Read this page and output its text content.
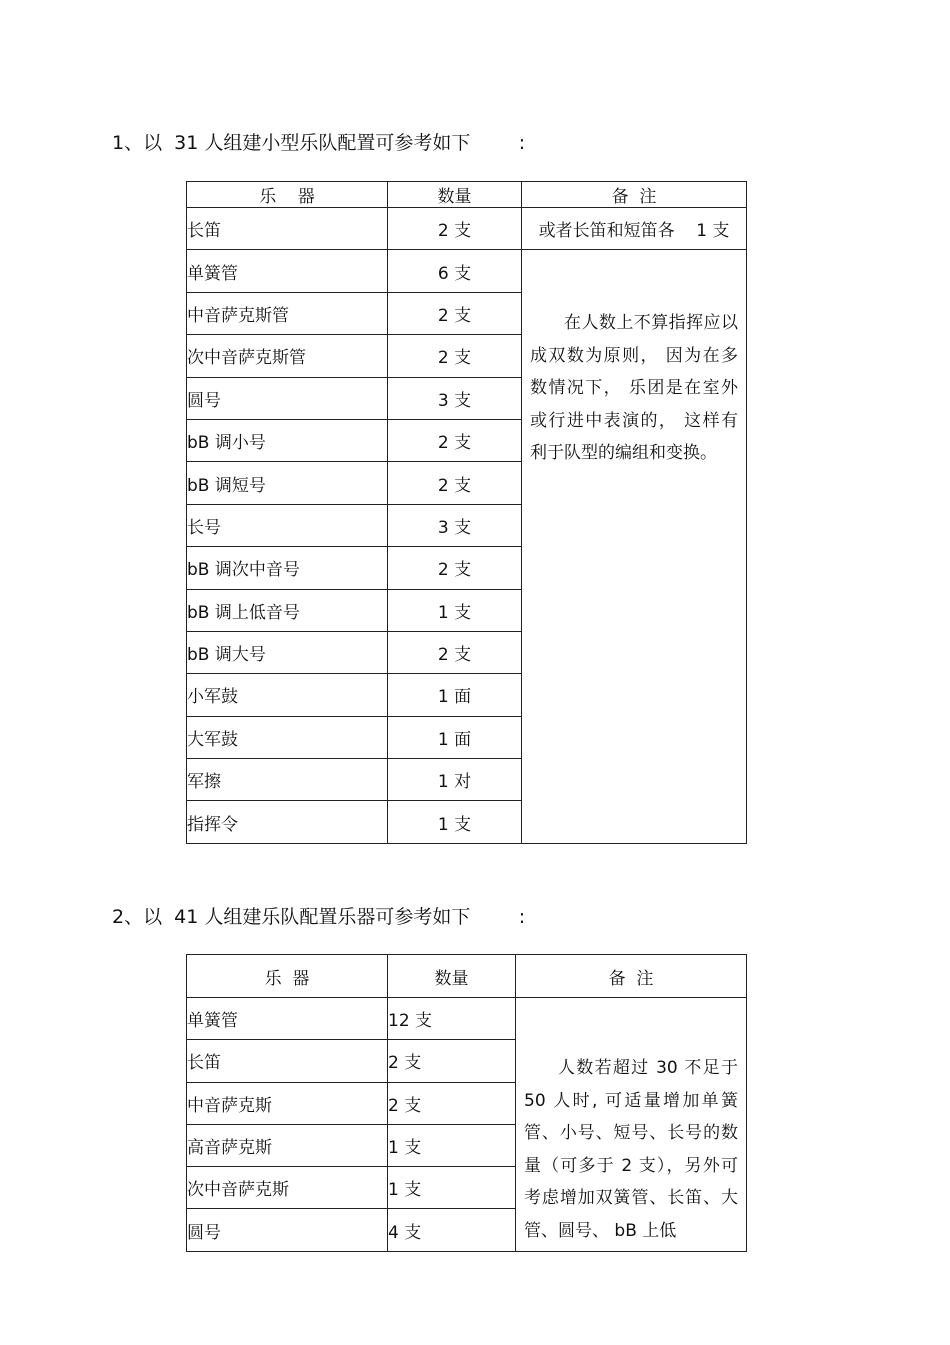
1、以  31 人组建小型乐队配置可参考如下        :
乐    器	数量	备  注
长笛	2 支	或者长笛和短笛各    1 支
单簧管	6 支	在人数上不算指挥应以成双数为原则， 因为在多数情况下， 乐团是在室外或行进中表演的， 这样有利于队型的编组和变换。
中音萨克斯管	2 支	
次中音萨克斯管	2 支	
圆号	3 支	
bB 调小号	2 支	
bB 调短号	2 支	
长号	3 支	
bB 调次中音号	2 支	
bB 调上低音号	1 支	
bB 调大号	2 支	
小军鼓	1 面	
大军鼓	1 面	
军擦	1 对	
指挥令	1 支	
2、以  41 人组建乐队配置乐器可参考如下        :
乐  器	数量	备  注
单簧管	12 支	人数若超过 30 不足于 50 人时, 可适量增加单簧管、小号、短号、长号的数量（可多于 2 支），另外可考虑增加双簧管、长笛、大管、圆号、 bB 上低
长笛	2 支	
中音萨克斯	2 支	
高音萨克斯	1 支	
次中音萨克斯	1 支	
圆号	4 支	
